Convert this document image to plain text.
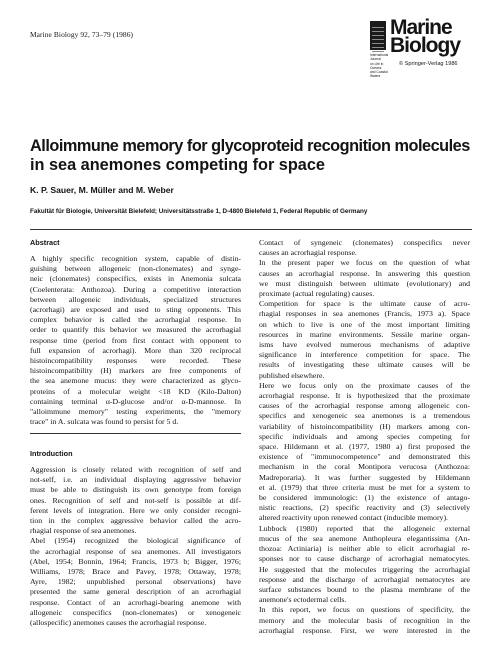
Marine Biology 92, 73–79 (1986)
International Journal
on Life in Oceans
and Coastal Waters
Marine
Biology
© Springer-Verlag 1986
Alloimmune memory for glycoproteid recognition molecules
in sea anemones competing for space
K. P. Sauer, M. Müller and M. Weber
Fakultät für Biologie, Universität Bielefeld; Universitätsstraße 1, D-4800 Bielefeld 1, Federal Republic of Germany
Abstract
A highly specific recognition system, capable of distin-
guishing between allogeneic (non-clonemates) and synge-
neic (clonemates) conspecifics, exists in Anemonia sulcata
(Coelenterata: Anthozoa). During a competitive interaction
between allogeneic individuals, specialized structures
(acrorhagi) are exposed and used to sting opponents. This
complex behavior is called the acrorhagial response. In
order to quantify this behavior we measured the acrorhagial
response time (period from first contact with opponent to
full expansion of acrorhagi). More than 320 reciprocal
histoincompatibility responses were recorded. These
histoincompatibility (H) markers are free components of
the sea anemone mucus: they were characterized as glyco-
proteins of a molecular weight <18 KD (Kilo-Dalton)
containing terminal α-D-glucose and/or α-D-mannose. In
"alloimmune memory" testing experiments, the "memory
trace" in A. sulcata was found to persist for 5 d.
Introduction
Aggression is closely related with recognition of self and
not-self, i.e. an individual displaying aggressive behavior
must be able to distinguish its own genotype from foreign
ones. Recognition of self and not-self is possible at dif-
ferent levels of integration. Here we only consider recogni-
tion in the complex aggressive behavior called the acro-
rhagial response of sea anemones.
Abel (1954) recognized the biological significance of
the acrorhagial response of sea anemones. All investigators
(Abel, 1954; Bonnin, 1964; Francis, 1973 b; Bigger, 1976;
Williams, 1978; Brace and Pavey, 1978; Ottaway, 1978;
Ayre, 1982; unpublished personal observations) have
presented the same general description of an acrorhagial
response. Contact of an acrorhagi-bearing anemone with
allogeneic conspecifics (non-clonemates) or xenogeneic
(allospecific) anemones causes the acrorhagial response.
Contact of syngeneic (clonemates) conspecifics never
causes an acrorhagial response.
In the present paper we focus on the question of what
causes an acrorhagial response. In answering this question
we must distinguish between ultimate (evolutionary) and
proximate (actual regulating) causes.
Competition for space is the ultimate cause of acro-
rhagial responses in sea anemones (Francis, 1973 a). Space
on which to live is one of the most important limiting
resources in marine environments. Sessile marine organ-
isms have evolved numerous mechanisms of adaptive
significance in interference competition for space. The
results of investigating these ultimate causes will be
published elsewhere.
Here we focus only on the proximate causes of the
acrorhagial response. It is hypothesized that the proximate
causes of the acrorhagial response among allogeneic con-
specifics and xenogeneic sea anemones is a tremendous
variability of histoincompatibility (H) markers among con-
specific individuals and among species competing for
space. Hildemann et al. (1977, 1980 a) first proposed the
existence of "immunocompetence" and demonstrated this
mechanism in the coral Montipora verucosa (Anthozoa:
Madreporaria). It was further suggested by Hildemann
et al. (1979) that three criteria must be met for a system to
be considered immunologic: (1) the existence of antago-
nistic reactions, (2) specific reactivity and (3) selectively
altered reactivity upon renewed contact (inducible memory).
Lubbock (1980) reported that the allogeneic external
mucus of the sea anemone Anthopleura elegantissima (An-
thozoa: Actiniaria) is neither able to elicit acrorhagial re-
sponses nor to cause discharge of acrorhagial nematocytes.
He suggested that the molecules triggering the acrorhagial
response and the discharge of acrorhagial nematocytes are
surface substances bound to the plasma membrane of the
anemone's ectodermal cells.
In this report, we focus on questions of specificity, the
memory and the molecular basis of recognition in the
acrorhagial response. First, we were interested in the
